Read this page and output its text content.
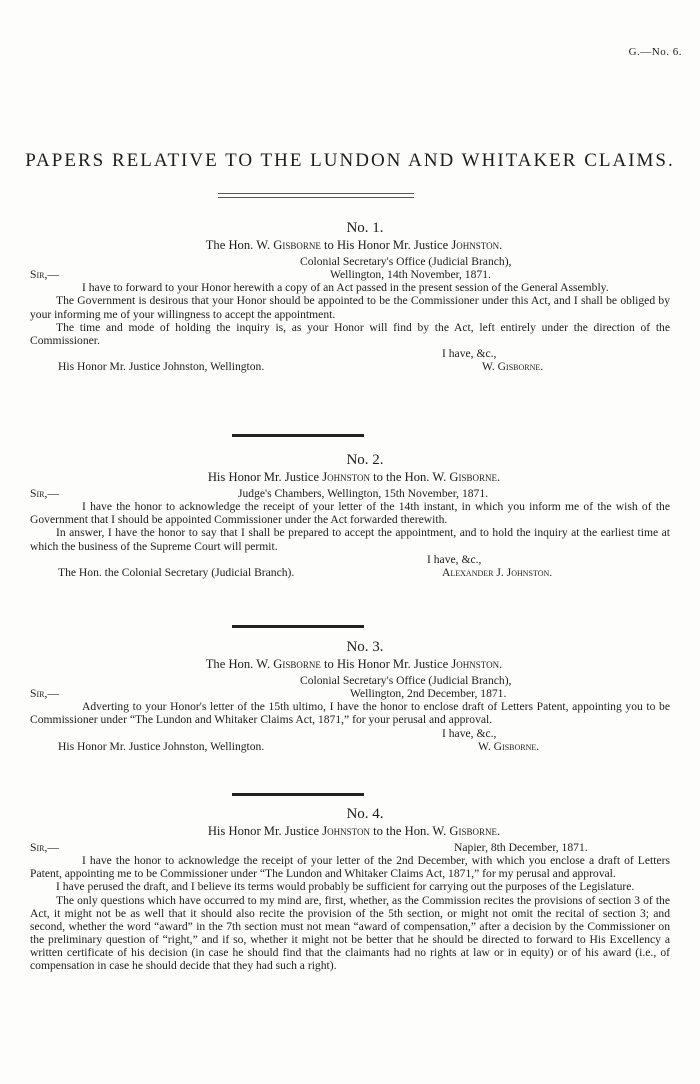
G.—No. 6.
PAPERS RELATIVE TO THE LUNDON AND WHITAKER CLAIMS.
No. 1.
The Hon. W. Gisborne to His Honor Mr. Justice Johnston.
Colonial Secretary's Office (Judicial Branch),
Sir,—	Wellington, 14th November, 1871.

I have to forward to your Honor herewith a copy of an Act passed in the present session of the General Assembly.

The Government is desirous that your Honor should be appointed to be the Commissioner under this Act, and I shall be obliged by your informing me of your willingness to accept the appointment.

The time and mode of holding the inquiry is, as your Honor will find by the Act, left entirely under the direction of the Commissioner.

I have, &c.,
His Honor Mr. Justice Johnston, Wellington.	W. Gisborne.
No. 2.
His Honor Mr. Justice Johnston to the Hon. W. Gisborne.
Sir,—	Judge's Chambers, Wellington, 15th November, 1871.

I have the honor to acknowledge the receipt of your letter of the 14th instant, in which you inform me of the wish of the Government that I should be appointed Commissioner under the Act forwarded therewith.

In answer, I have the honor to say that I shall be prepared to accept the appointment, and to hold the inquiry at the earliest time at which the business of the Supreme Court will permit.

I have, &c.,
The Hon. the Colonial Secretary (Judicial Branch).	Alexander J. Johnston.
No. 3.
The Hon. W. Gisborne to His Honor Mr. Justice Johnston.
Colonial Secretary's Office (Judicial Branch),
Sir,—	Wellington, 2nd December, 1871.

Adverting to your Honor's letter of the 15th ultimo, I have the honor to enclose draft of Letters Patent, appointing you to be Commissioner under “The Lundon and Whitaker Claims Act, 1871,” for your perusal and approval.

I have, &c.,
His Honor Mr. Justice Johnston, Wellington.	W. Gisborne.
No. 4.
His Honor Mr. Justice Johnston to the Hon. W. Gisborne.
Sir,—	Napier, 8th December, 1871.

I have the honor to acknowledge the receipt of your letter of the 2nd December, with which you enclose a draft of Letters Patent, appointing me to be Commissioner under “The Lundon and Whitaker Claims Act, 1871,” for my perusal and approval.

I have perused the draft, and I believe its terms would probably be sufficient for carrying out the purposes of the Legislature.

The only questions which have occurred to my mind are, first, whether, as the Commission recites the provisions of section 3 of the Act, it might not be as well that it should also recite the provision of the 5th section, or might not omit the recital of section 3; and second, whether the word “award” in the 7th section must not mean “award of compensation,” after a decision by the Commissioner on the preliminary question of “right,” and if so, whether it might not be better that he should be directed to forward to His Excellency a written certificate of his decision (in case he should find that the claimants had no rights at law or in equity) or of his award (i.e., of compensation in case he should decide that they had such a right).
